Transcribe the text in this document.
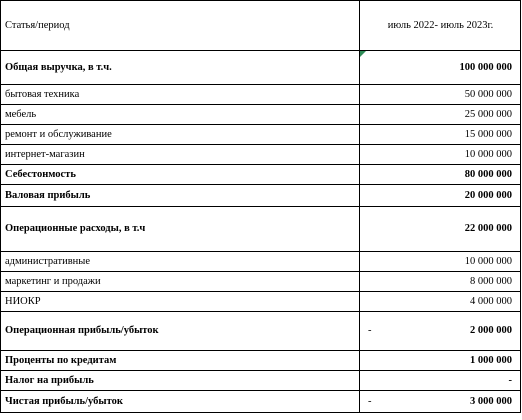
Статья/период	июль 2022- июль 2023г.
Общая выручка, в т.ч.	100 000 000
бытовая техника	50 000 000
мебель	25 000 000
ремонт и обслуживание	15 000 000
интернет-магазин	10 000 000
Себестонмость	80 000 000
Валовая прибыль	20 000 000
Операционные расходы, в т.ч	22 000 000
административные	10 000 000
маркетинг и продажи	8 000 000
НИОКР	4 000 000
Операционная прибыль/убыток	- 2 000 000
Проценты по кредитам	1 000 000
Налог на прибыль	-
Чистая прибыль/убыток	- 3 000 000
